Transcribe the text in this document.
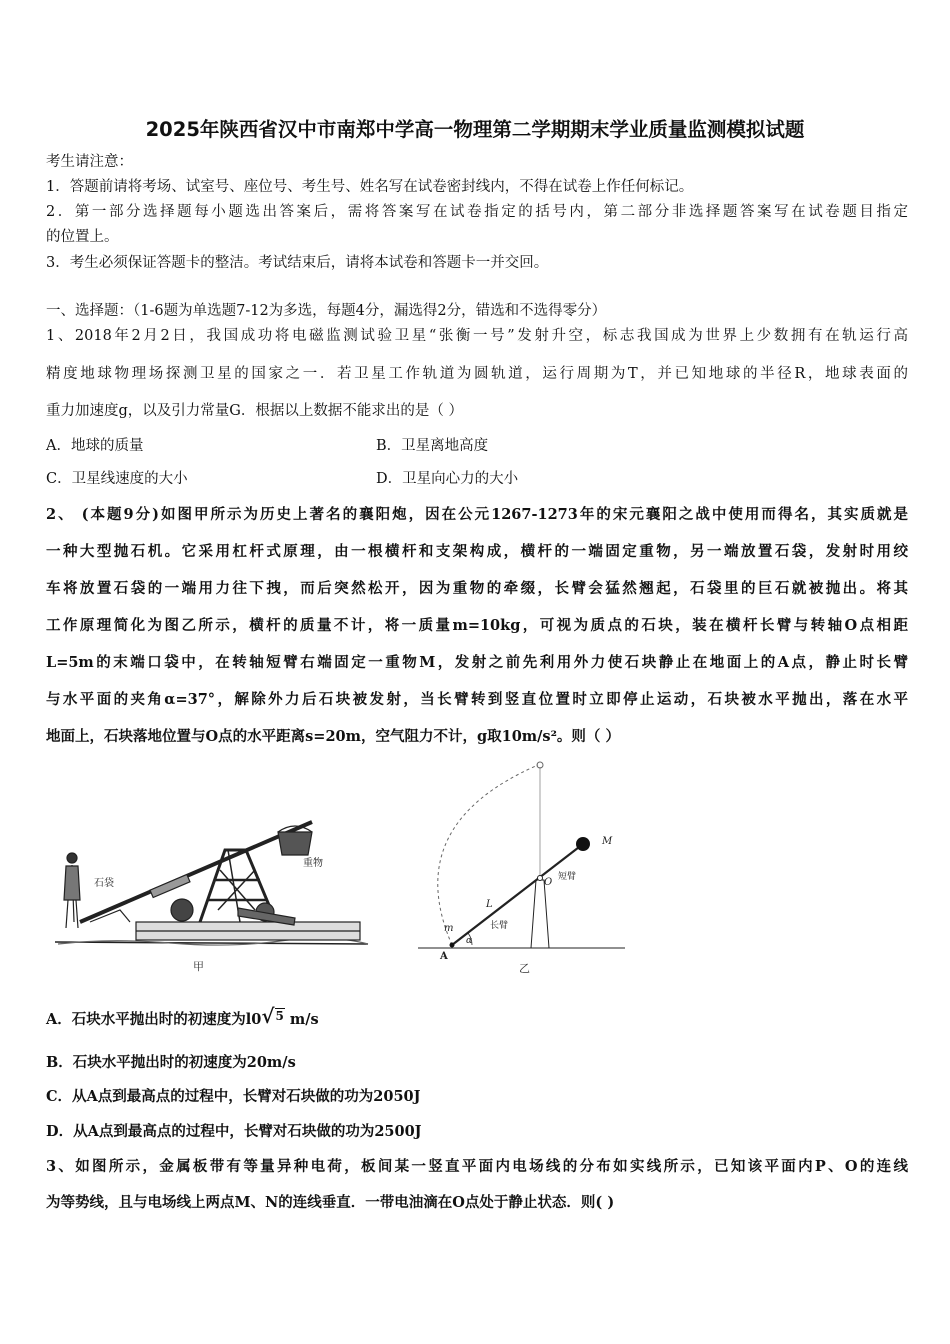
2025年陕西省汉中市南郑中学高一物理第二学期期末学业质量监测模拟试题
考生请注意：
1．答题前请将考场、试室号、座位号、考生号、姓名写在试卷密封线内，不得在试卷上作任何标记。
2．第一部分选择题每小题选出答案后，需将答案写在试卷指定的括号内，第二部分非选择题答案写在试卷题目指定
的位置上。
3．考生必须保证答题卡的整洁。考试结束后，请将本试卷和答题卡一并交回。
一、选择题：（1-6题为单选题7-12为多选，每题4分，漏选得2分，错选和不选得零分）
1、2018年2月2日，我国成功将电磁监测试验卫星“张衡一号”发射升空，标志我国成为世界上少数拥有在轨运行高
精度地球物理场探测卫星的国家之一．若卫星工作轨道为圆轨道，运行周期为T，并已知地球的半径R，地球表面的
重力加速度g，以及引力常量G．根据以上数据不能求出的是（ ）
A．地球的质量	B．卫星离地高度
C．卫星线速度的大小	D．卫星向心力的大小
2、 (本题9分)如图甲所示为历史上著名的襄阳炮，因在公元1267-1273年的宋元襄阳之战中使用而得名，其实质就是
一种大型抛石机。它采用杠杆式原理，由一根横杆和支架构成，横杆的一端固定重物，另一端放置石袋，发射时用绞
车将放置石袋的一端用力往下拽，而后突然松开，因为重物的牵缀，长臂会猛然翘起，石袋里的巨石就被抛出。将其
工作原理简化为图乙所示，横杆的质量不计，将一质量m=10kg，可视为质点的石块，装在横杆长臂与转轴O点相距
L=5m的末端口袋中，在转轴短臂右端固定一重物M，发射之前先利用外力使石块静止在地面上的A点，静止时长臂
与水平面的夹角α=37°，解除外力后石块被发射，当长臂转到竖直位置时立即停止运动，石块被水平抛出，落在水平
地面上，石块落地位置与O点的水平距离s=20m，空气阻力不计，g取10m/s²。则（ ）
石袋
重物
甲
M
O 短臂
L
长臂
m
α
A
乙
A．石块水平抛出时的初速度为l0√5 m/s
B．石块水平抛出时的初速度为20m/s
C．从A点到最高点的过程中，长臂对石块做的功为2050J
D．从A点到最高点的过程中，长臂对石块做的功为2500J
3、如图所示，金属板带有等量异种电荷，板间某一竖直平面内电场线的分布如实线所示，已知该平面内P、O的连线
为等势线，且与电场线上两点M、N的连线垂直．一带电油滴在O点处于静止状态．则( )
